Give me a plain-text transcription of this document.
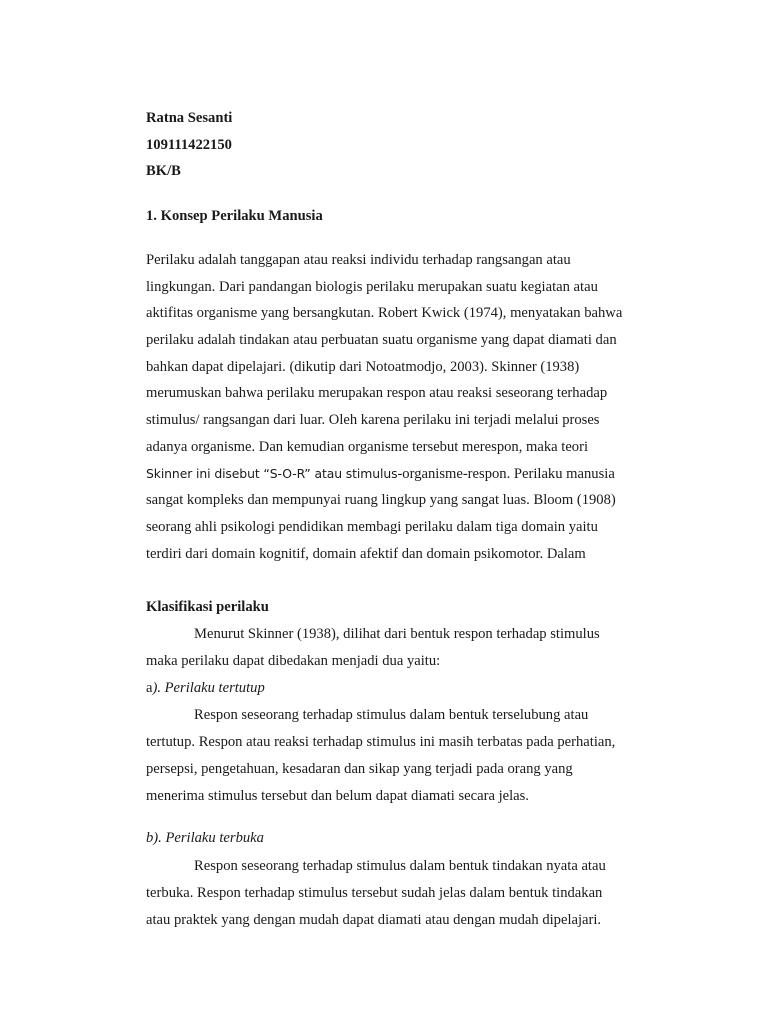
Ratna Sesanti
109111422150
BK/B
1. Konsep Perilaku Manusia
Perilaku adalah tanggapan atau reaksi individu terhadap rangsangan atau
lingkungan. Dari pandangan biologis perilaku merupakan suatu kegiatan atau
aktifitas organisme yang bersangkutan. Robert Kwick (1974), menyatakan bahwa
perilaku adalah tindakan atau perbuatan suatu organisme yang dapat diamati dan
bahkan dapat dipelajari. (dikutip dari Notoatmodjo, 2003). Skinner (1938)
merumuskan bahwa perilaku merupakan respon atau reaksi seseorang terhadap
stimulus/ rangsangan dari luar. Oleh karena perilaku ini terjadi melalui proses
adanya organisme. Dan kemudian organisme tersebut merespon, maka teori
Skinner ini disebut “S-O-R” atau stimulus-organisme-respon. Perilaku manusia
sangat kompleks dan mempunyai ruang lingkup yang sangat luas. Bloom (1908)
seorang ahli psikologi pendidikan membagi perilaku dalam tiga domain yaitu
terdiri dari domain kognitif, domain afektif dan domain psikomotor. Dalam
Klasifikasi perilaku
Menurut Skinner (1938), dilihat dari bentuk respon terhadap stimulus
maka perilaku dapat dibedakan menjadi dua yaitu:
a). Perilaku tertutup
Respon seseorang terhadap stimulus dalam bentuk terselubung atau
tertutup. Respon atau reaksi terhadap stimulus ini masih terbatas pada perhatian,
persepsi, pengetahuan, kesadaran dan sikap yang terjadi pada orang yang
menerima stimulus tersebut dan belum dapat diamati secara jelas.
b). Perilaku terbuka
Respon seseorang terhadap stimulus dalam bentuk tindakan nyata atau
terbuka. Respon terhadap stimulus tersebut sudah jelas dalam bentuk tindakan
atau praktek yang dengan mudah dapat diamati atau dengan mudah dipelajari.
